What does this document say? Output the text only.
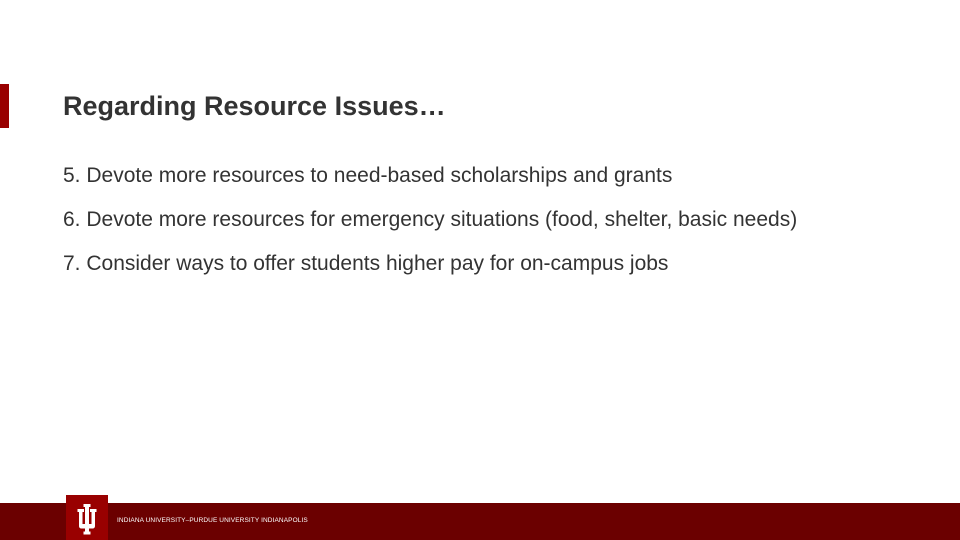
Regarding Resource Issues…

5. Devote more resources to need-based scholarships and grants

6. Devote more resources for emergency situations (food, shelter, basic needs)

7. Consider ways to offer students higher pay for on-campus jobs

INDIANA UNIVERSITY–PURDUE UNIVERSITY INDIANAPOLIS
